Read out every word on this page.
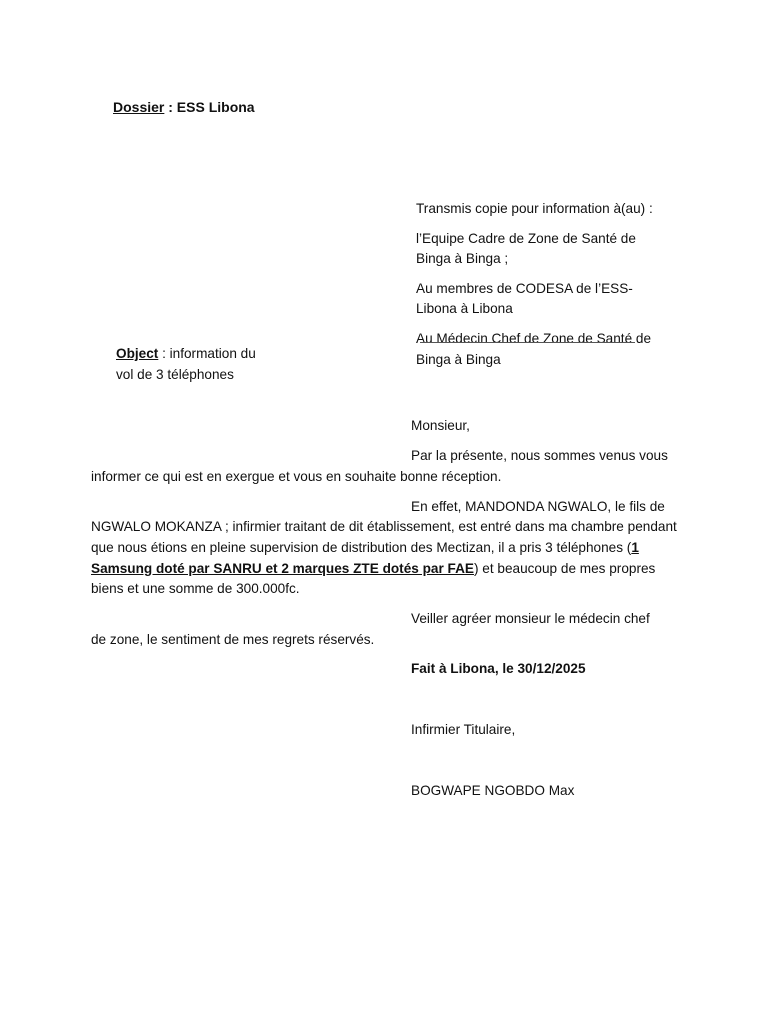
Dossier : ESS Libona

Transmis copie pour information à(au) :

l’Equipe Cadre de Zone de Santé de Binga à Binga ;

Au membres de CODESA de l’ESS-Libona à Libona

Au Médecin Chef de Zone de Santé de Binga à Binga

Object : information du vol de 3 téléphones

Monsieur,

Par la présente, nous sommes venus vous
informer ce qui est en exergue et vous en souhaite bonne réception.

En effet, MANDONDA NGWALO, le fils de
NGWALO MOKANZA ; infirmier traitant de dit établissement, est entré dans ma chambre pendant que nous étions en pleine supervision de distribution des Mectizan, il a pris 3 téléphones (1 Samsung doté par SANRU et 2 marques ZTE dotés par FAE) et beaucoup de mes propres biens et une somme de 300.000fc.

Veiller agréer monsieur le médecin chef
de zone, le sentiment de mes regrets réservés.

Fait à Libona, le 30/12/2025
Infirmier Titulaire,
BOGWAPE NGOBDO Max
